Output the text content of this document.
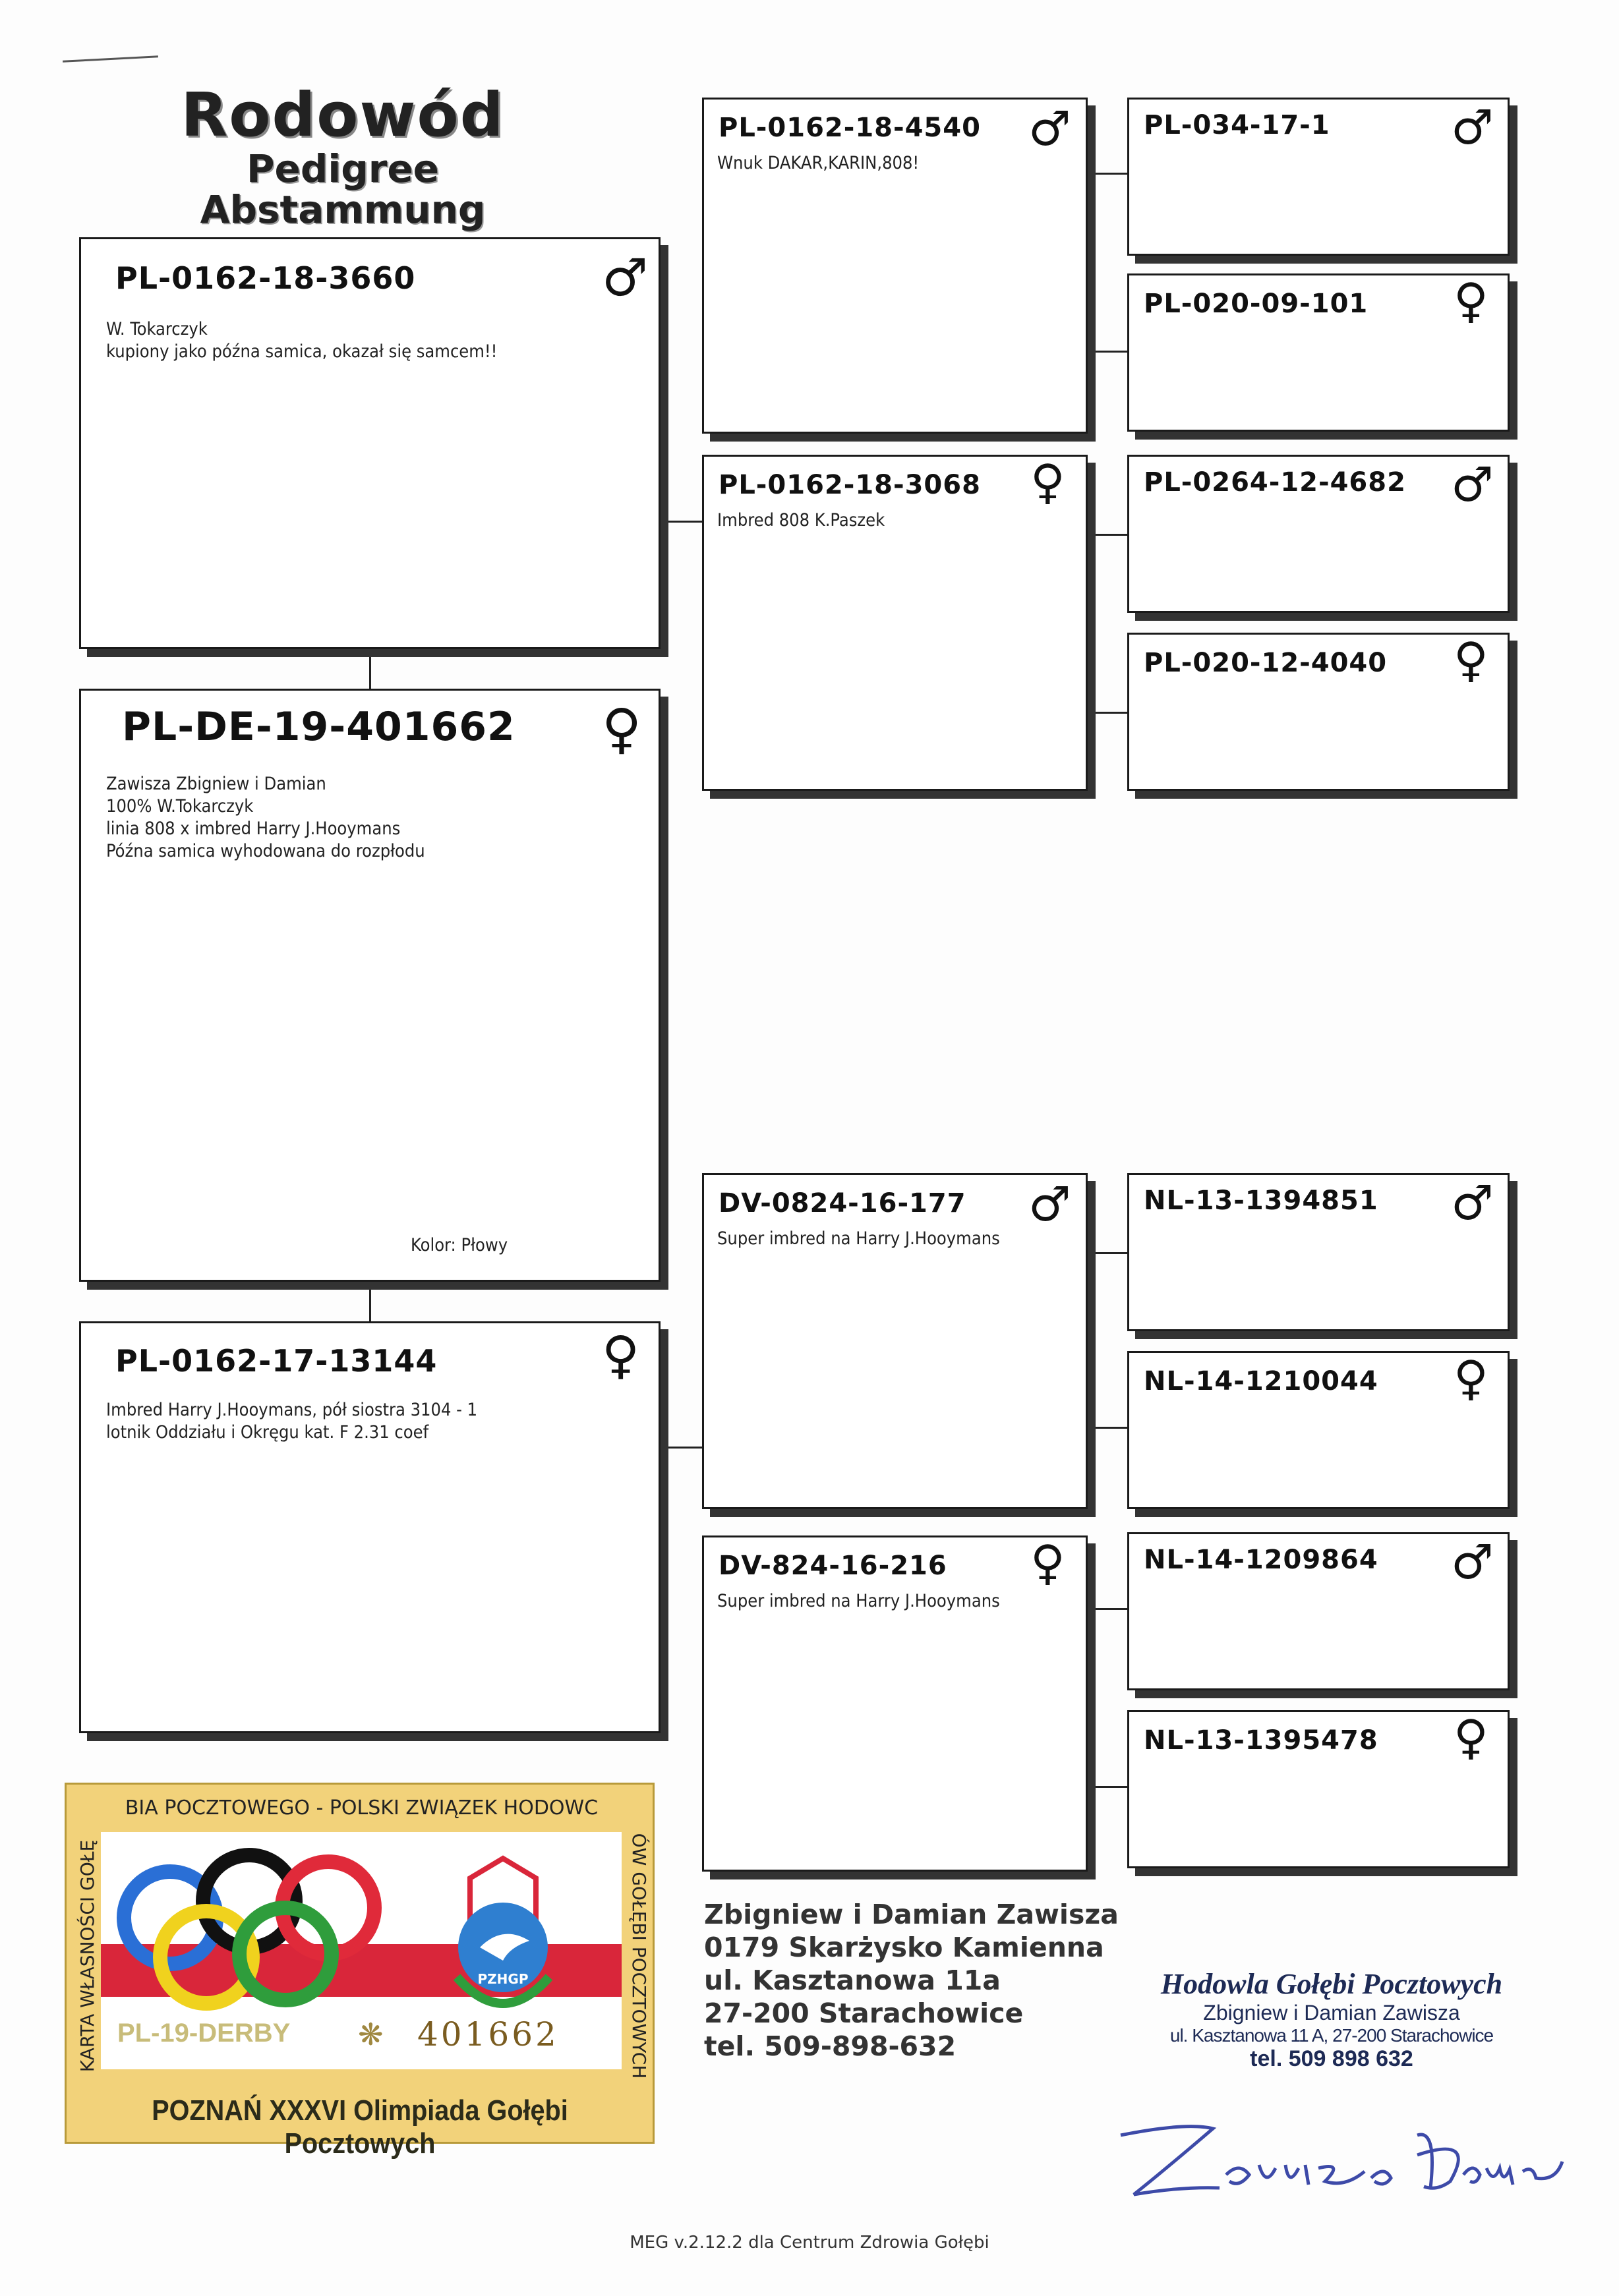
Rodowód
Pedigree
Abstammung
PL-0162-18-3660	♂
W. Tokarczyk
kupiony jako późna samica, okazał się samcem!!
PL-DE-19-401662 ♀
Zawisza Zbigniew i Damian
100% W.Tokarczyk
linia 808 x imbred Harry J.Hooymans
Późna samica wyhodowana do rozpłodu
Kolor: Płowy
PL-0162-17-13144	♀
Imbred Harry J.Hooymans, pół siostra 3104 - 1
lotnik Oddziału i Okręgu kat. F 2.31 coef
PL-0162-18-4540 ♂
Wnuk DAKAR,KARIN,808!
PL-0162-18-3068 ♀
Imbred 808 K.Paszek
DV-0824-16-177 ♂
Super imbred na Harry J.Hooymans
DV-824-16-216 ♀
Super imbred na Harry J.Hooymans
PL-034-17-1	♂
PL-020-09-101 ♀
PL-0264-12-4682 ♂
PL-020-12-4040 ♀
NL-13-1394851 ♂
NL-14-1210044 ♀
NL-14-1209864 ♂
NL-13-1395478 ♀
BIA POCZTOWEGO - POLSKI ZWIĄZEK HODOWC
KARTA WŁASNOŚCI GOŁĘ	ÓW GOŁĘBI POCZTOWYCH
PZHGP
PL-19-DERBY ❋ 401662
POZNAŃ XXXVI Olimpiada Gołębi Pocztowych
Zbigniew i Damian Zawisza
0179 Skarżysko Kamienna
ul. Kasztanowa 11a
27-200 Starachowice
tel. 509-898-632
Hodowla Gołębi Pocztowych
Zbigniew i Damian Zawisza
ul. Kasztanowa 11 A, 27-200 Starachowice
tel. 509 898 632
MEG v.2.12.2 dla Centrum Zdrowia Gołębi
